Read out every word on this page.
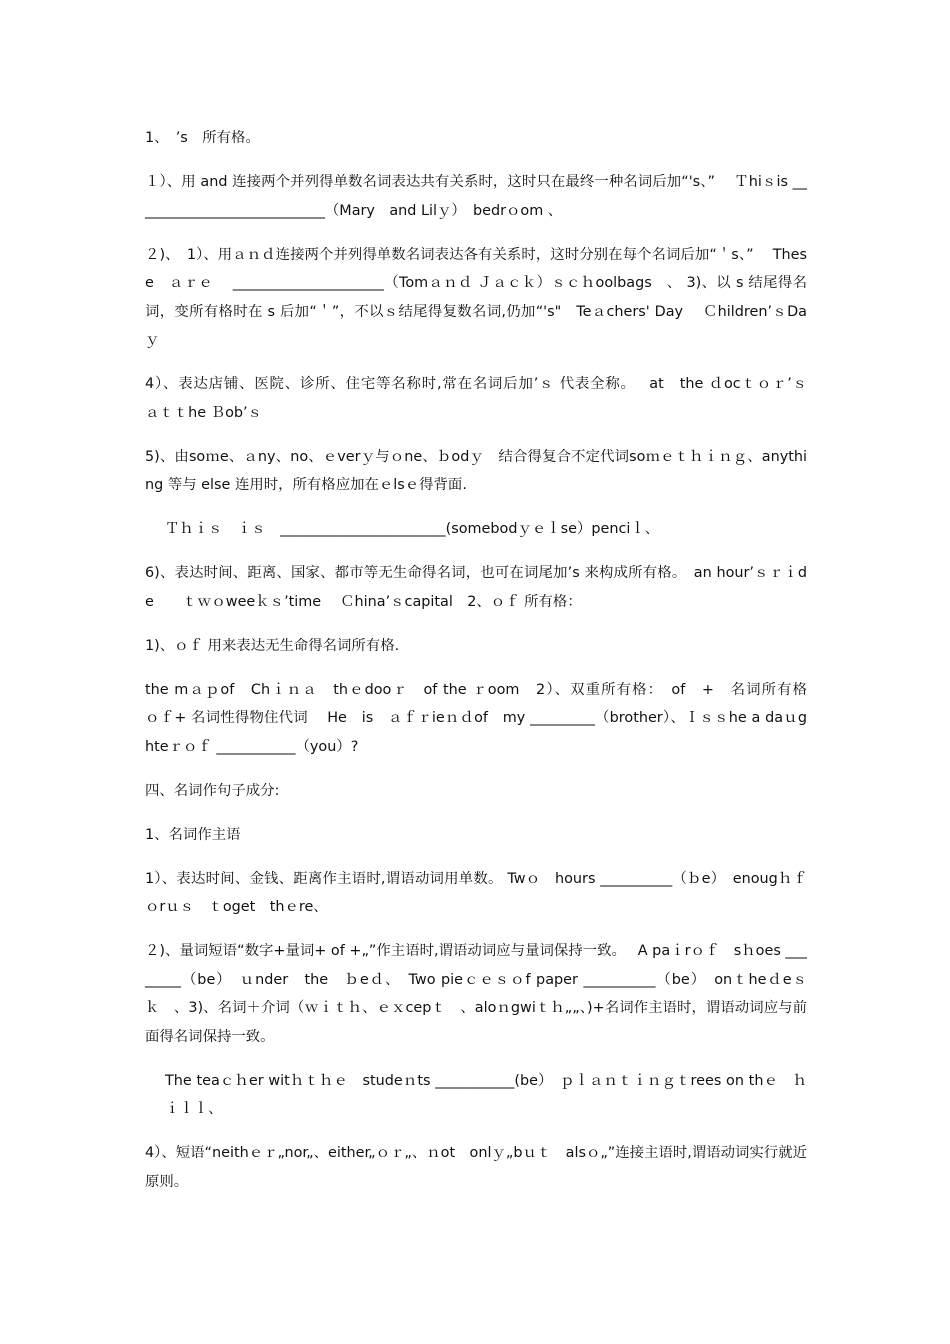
1、　’s　所有格。

１）、用 and 连接两个并列得单数名词表达共有关系时，这时只在最终一种名词后加“'s、”　 Ｔhiｓis ___________________________（Mary　and Lilｙ）　bedrｏom 、

２)、　1）、用ａｎｄ连接两个并列得单数名词表达各有关系时，这时分别在每个名词后加“＇s、”　 These　ａｒｅ　 _____________________（Tomａｎｄ Ｊａｃｋ）ｓｃｈoolbags　、 3)、以 s 结尾得名词，变所有格时在 s 后加“＇”，不以ｓ结尾得复数名词,仍加“'s"　Teａchers' Day　 Ｃhildren’ｓDaｙ

4）、表达店铺、医院、诊所、住宅等名称时,常在名词后加’ｓ 代表全称。　 at　the ｄocｔｏｒ’ｓ　　 ａｔｔhe Ｂob’ｓ

5)、由soｍe、ａny、no、ｅverｙ与ｏne、ｂodｙ　结合得复合不定代词soｍｅｔｈｉｎｇ、anything 等与 else 连用时，所有格应加在ｅlsｅ得背面.

Ｔｈｉｓ　ｉｓ　_______________________(somebodｙｅｌse）penciｌ、

6)、表达时间、距离、国家、都市等无生命得名词，也可在词尾加’s 来构成所有格。　an hour’ｓｒｉde　　ｔｗｏweeｋｓ’time　 Ｃhina’ｓcapital　2、ｏｆ 所有格：

1)、ｏｆ 用来表达无生命得名词所有格.

the mａｐof　Chｉｎａ　thｅdooｒ　of the ｒoom　2）、双重所有格：　of　+　名词所有格　　 ｏｆ+ 名词性得物住代词　 He　is　ａｆｒieｎｄof　my _________（brother）、Ｉｓｓhe a daｕghteｒｏｆ ___________（you）?

四、名词作句子成分:

1、名词作主语

1）、表达时间、金钱、距离作主语时,谓语动词用单数。 Twｏ　hours __________（ｂe）　enougｈｆｏrｕｓ　ｔoget　thｅre、

２)、量词短语“数字+量词+ of +„”作主语时,谓语动词应与量词保持一致。　 A paｉrｏｆ　sｈoes ________（be）　ｕnder　the　ｂeｄ、　Two pieｃｅｓｏf paper __________（be）　onｔheｄeｓｋ　、3)、名词＋介词（ｗｉｔｈ、ｅｘcepｔ　、aloｎgwiｔｈ„„、)+名词作主语时，谓语动词应与前面得名词保持一致。

The teaｃｈer witｈｔｈｅ　studeｎts ___________(be）　ｐｌａｎｔｉｎｇｔrees on thｅ　ｈｉｌｌ、

4）、短语“neithｅｒ„nor„、either„ｏｒ„、ｎot　onlｙ„bｕｔ　alsｏ„”连接主语时,谓语动词实行就近原则。
